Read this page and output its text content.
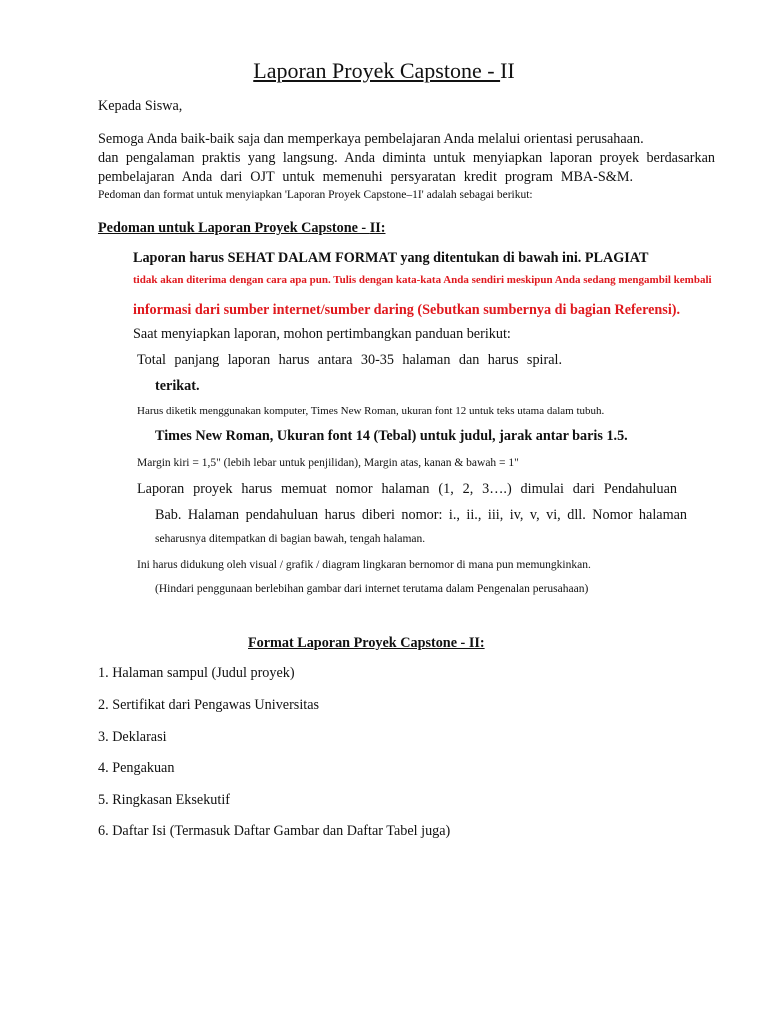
Laporan Proyek Capstone - II
Kepada Siswa,
Semoga Anda baik-baik saja dan memperkaya pembelajaran Anda melalui orientasi perusahaan.
dan pengalaman praktis yang langsung. Anda diminta untuk menyiapkan laporan proyek berdasarkan
pembelajaran Anda dari OJT untuk memenuhi persyaratan kredit program MBA-S&M.
Pedoman dan format untuk menyiapkan 'Laporan Proyek Capstone–1I' adalah sebagai berikut:
Pedoman untuk Laporan Proyek Capstone - II:
Laporan harus SEHAT DALAM FORMAT yang ditentukan di bawah ini. PLAGIAT
tidak akan diterima dengan cara apa pun. Tulis dengan kata-kata Anda sendiri meskipun Anda sedang mengambil kembali
informasi dari sumber internet/sumber daring (Sebutkan sumbernya di bagian Referensi).
Saat menyiapkan laporan, mohon pertimbangkan panduan berikut:
Total panjang laporan harus antara 30-35 halaman dan harus spiral.
terikat.
Harus diketik menggunakan komputer, Times New Roman, ukuran font 12 untuk teks utama dalam tubuh.
Times New Roman, Ukuran font 14 (Tebal) untuk judul, jarak antar baris 1.5.
Margin kiri = 1,5" (lebih lebar untuk penjilidan), Margin atas, kanan & bawah = 1"
Laporan proyek harus memuat nomor halaman (1, 2, 3….) dimulai dari Pendahuluan
Bab. Halaman pendahuluan harus diberi nomor: i., ii., iii, iv, v, vi, dll. Nomor halaman
seharusnya ditempatkan di bagian bawah, tengah halaman.
Ini harus didukung oleh visual / grafik / diagram lingkaran bernomor di mana pun memungkinkan.
(Hindari penggunaan berlebihan gambar dari internet terutama dalam Pengenalan perusahaan)
Format Laporan Proyek Capstone - II:
1. Halaman sampul (Judul proyek)
2. Sertifikat dari Pengawas Universitas
3. Deklarasi
4. Pengakuan
5. Ringkasan Eksekutif
6. Daftar Isi (Termasuk Daftar Gambar dan Daftar Tabel juga)
